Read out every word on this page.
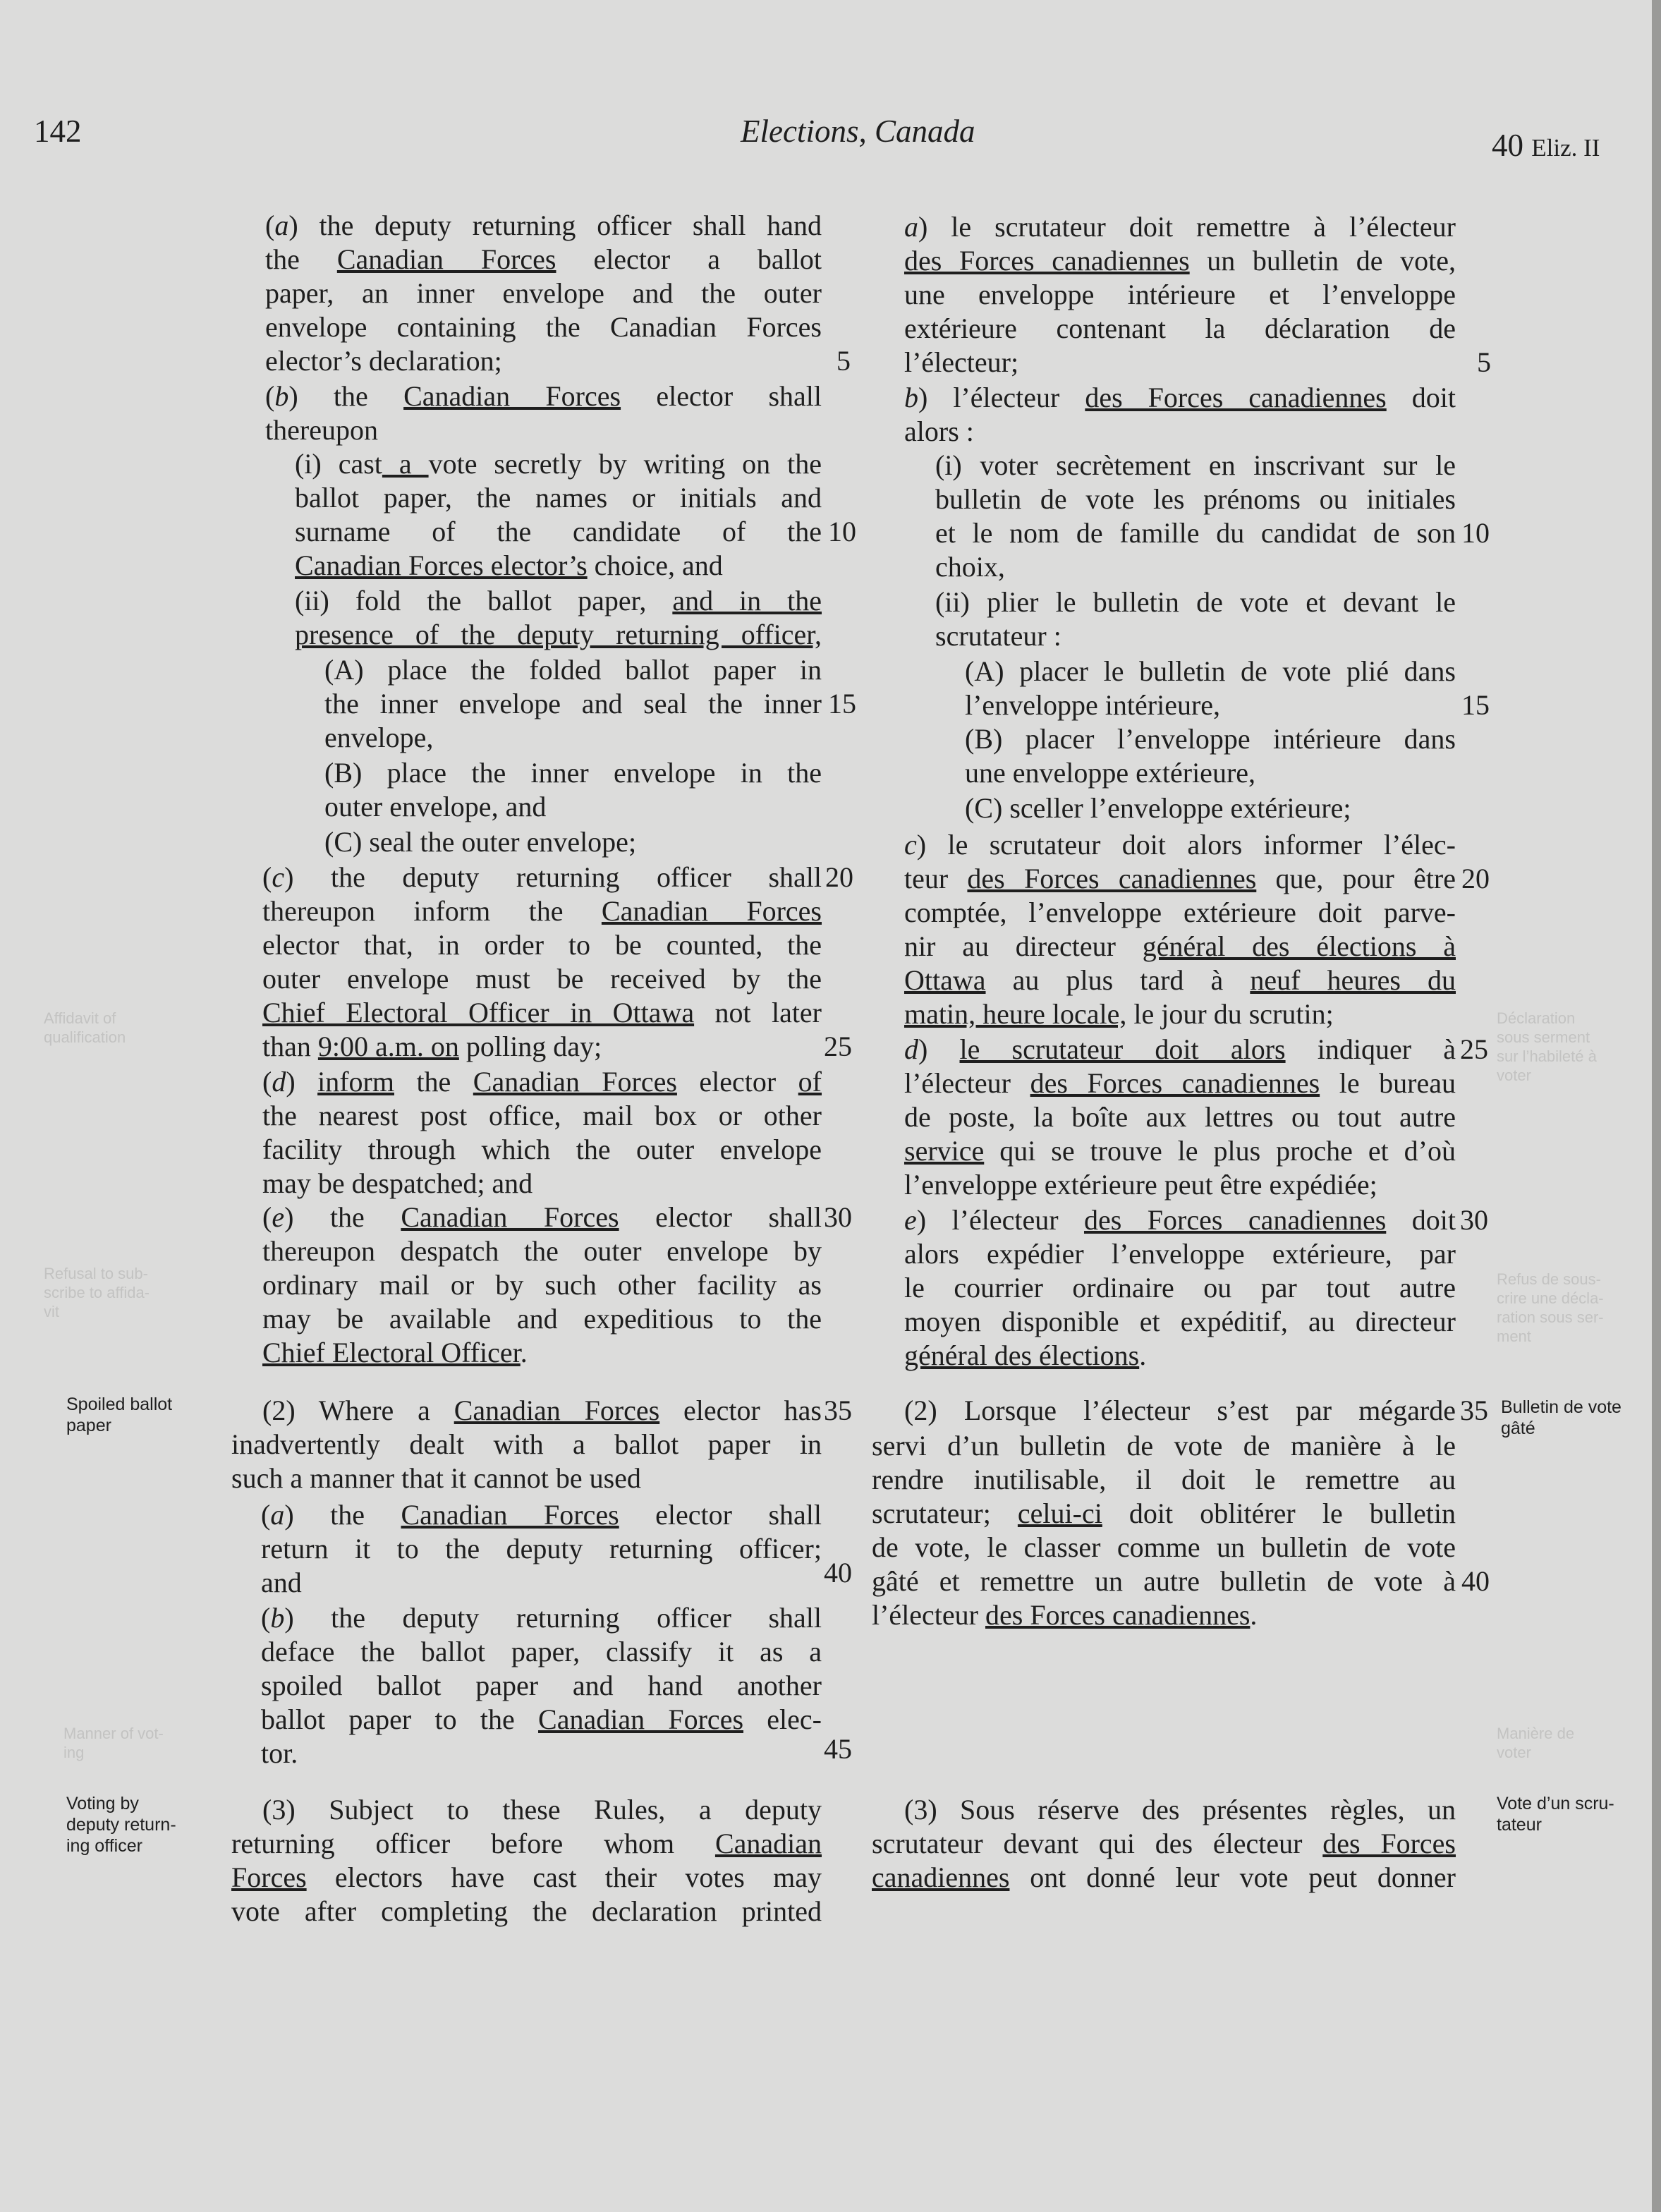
Affidavit of
qualification
Refusal to sub-
scribe to affida-
vit
Manner of vot-
ing
Déclaration
sous serment
sur l’habileté à
voter
Refus de sous-
crire une décla-
ration sous ser-
ment
Manière de
voter
142	Elections, Canada	40 Eliz. II
(a) the deputy returning officer shall hand
the Canadian Forces elector a ballot
paper, an inner envelope and the outer
envelope containing the Canadian Forces
elector’s declaration;
(b) the Canadian Forces elector shall
thereupon
(i) cast a vote secretly by writing on the
ballot paper, the names or initials and
surname of the candidate of the
Canadian Forces elector’s choice, and
(ii) fold the ballot paper, and in the
presence of the deputy returning officer,
(A) place the folded ballot paper in
the inner envelope and seal the inner
envelope,
(B) place the inner envelope in the
outer envelope, and
(C) seal the outer envelope;
(c) the deputy returning officer shall
thereupon inform the Canadian Forces
elector that, in order to be counted, the
outer envelope must be received by the
Chief Electoral Officer in Ottawa not later
than 9:00 a.m. on polling day;
(d) inform the Canadian Forces elector of
the nearest post office, mail box or other
facility through which the outer envelope
may be despatched; and
(e) the Canadian Forces elector shall
thereupon despatch the outer envelope by
ordinary mail or by such other facility as
may be available and expeditious to the
Chief Electoral Officer.
(2) Where a Canadian Forces elector has
inadvertently dealt with a ballot paper in
such a manner that it cannot be used
(a) the Canadian Forces elector shall
return it to the deputy returning officer;
and
(b) the deputy returning officer shall
deface the ballot paper, classify it as a
spoiled ballot paper and hand another
ballot paper to the Canadian Forces elec-
tor.
(3) Subject to these Rules, a deputy
returning officer before whom Canadian
Forces electors have cast their votes may
vote after completing the declaration printed
5
10
15
20
25
30
35
40
45
a) le scrutateur doit remettre à l’électeur
des Forces canadiennes un bulletin de vote,
une enveloppe intérieure et l’enveloppe
extérieure contenant la déclaration de
l’électeur;
b) l’électeur des Forces canadiennes doit
alors :
(i) voter secrètement en inscrivant sur le
bulletin de vote les prénoms ou initiales
et le nom de famille du candidat de son
choix,
(ii) plier le bulletin de vote et devant le
scrutateur :
(A) placer le bulletin de vote plié dans
l’enveloppe intérieure,
(B) placer l’enveloppe intérieure dans
une enveloppe extérieure,
(C) sceller l’enveloppe extérieure;
c) le scrutateur doit alors informer l’élec-
teur des Forces canadiennes que, pour être
comptée, l’enveloppe extérieure doit parve-
nir au directeur général des élections à
Ottawa au plus tard à neuf heures du
matin, heure locale, le jour du scrutin;
d) le scrutateur doit alors indiquer à
l’électeur des Forces canadiennes le bureau
de poste, la boîte aux lettres ou tout autre
service qui se trouve le plus proche et d’où
l’enveloppe extérieure peut être expédiée;
e) l’électeur des Forces canadiennes doit
alors expédier l’enveloppe extérieure, par
le courrier ordinaire ou par tout autre
moyen disponible et expéditif, au directeur
général des élections.
(2) Lorsque l’électeur s’est par mégarde
servi d’un bulletin de vote de manière à le
rendre inutilisable, il doit le remettre au
scrutateur; celui-ci doit oblitérer le bulletin
de vote, le classer comme un bulletin de vote
gâté et remettre un autre bulletin de vote à
l’électeur des Forces canadiennes.
(3) Sous réserve des présentes règles, un
scrutateur devant qui des électeur des Forces
canadiennes ont donné leur vote peut donner
5
10
15
20
25
30
35
40
Spoiled ballot
paper
Voting by
deputy return-
ing officer
Bulletin de vote
gâté
Vote d’un scru-
tateur
